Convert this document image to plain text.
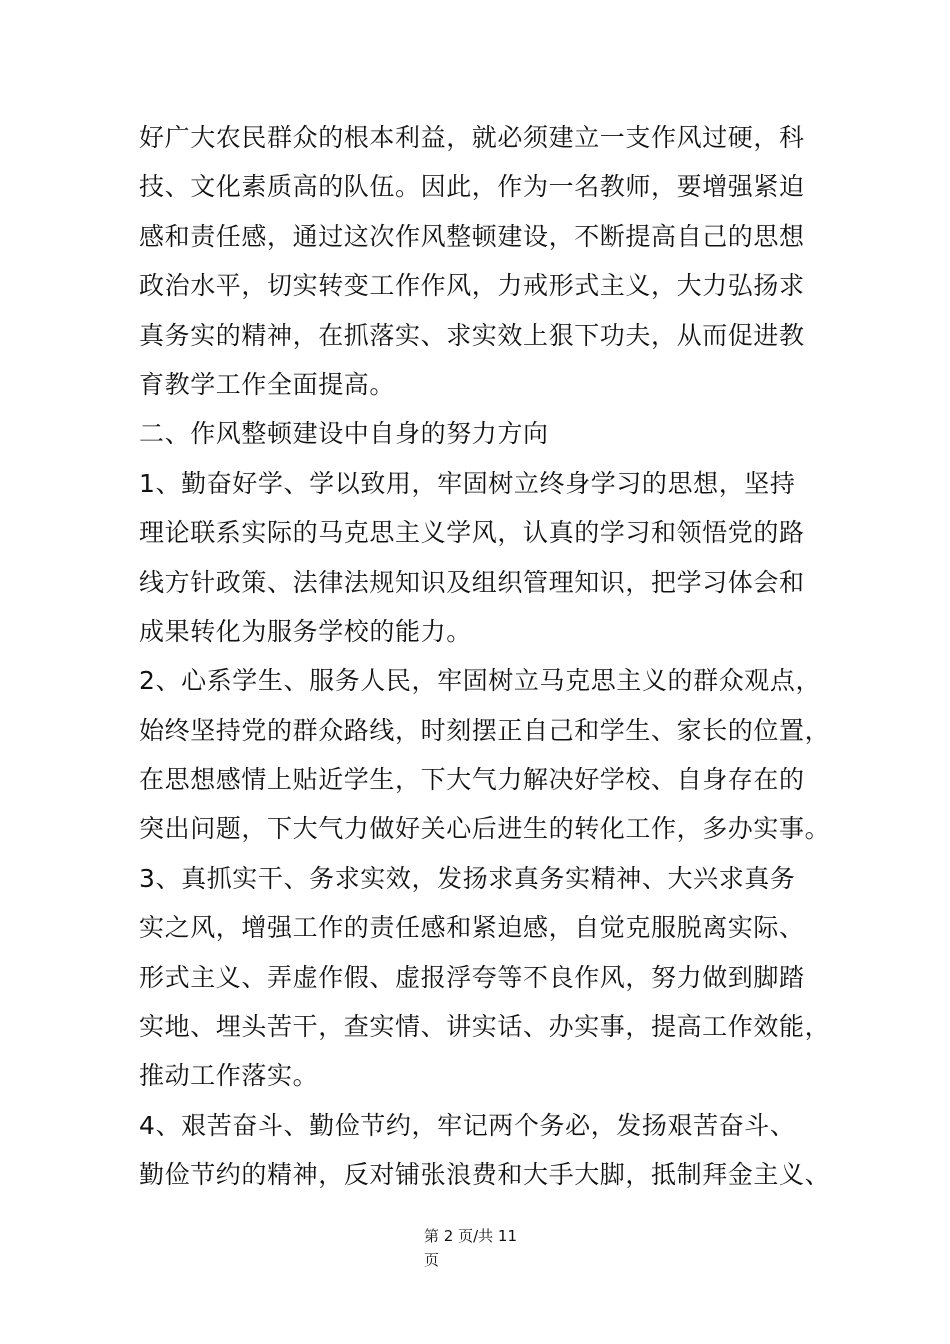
好广大农民群众的根本利益，就必须建立一支作风过硬，科

技、文化素质高的队伍。因此，作为一名教师，要增强紧迫

感和责任感，通过这次作风整顿建设，不断提高自己的思想

政治水平，切实转变工作作风，力戒形式主义，大力弘扬求

真务实的精神，在抓落实、求实效上狠下功夫，从而促进教

育教学工作全面提高。

二、作风整顿建设中自身的努力方向

1、勤奋好学、学以致用，牢固树立终身学习的思想，坚持

理论联系实际的马克思主义学风，认真的学习和领悟党的路

线方针政策、法律法规知识及组织管理知识，把学习体会和

成果转化为服务学校的能力。

2、心系学生、服务人民，牢固树立马克思主义的群众观点，

始终坚持党的群众路线，时刻摆正自己和学生、家长的位置，

在思想感情上贴近学生，下大气力解决好学校、自身存在的

突出问题，下大气力做好关心后进生的转化工作，多办实事。

3、真抓实干、务求实效，发扬求真务实精神、大兴求真务

实之风，增强工作的责任感和紧迫感，自觉克服脱离实际、

形式主义、弄虚作假、虚报浮夸等不良作风，努力做到脚踏

实地、埋头苦干，查实情、讲实话、办实事，提高工作效能，

推动工作落实。

4、艰苦奋斗、勤俭节约，牢记两个务必，发扬艰苦奋斗、

勤俭节约的精神，反对铺张浪费和大手大脚，抵制拜金主义、

第 2 页/共 11
页
